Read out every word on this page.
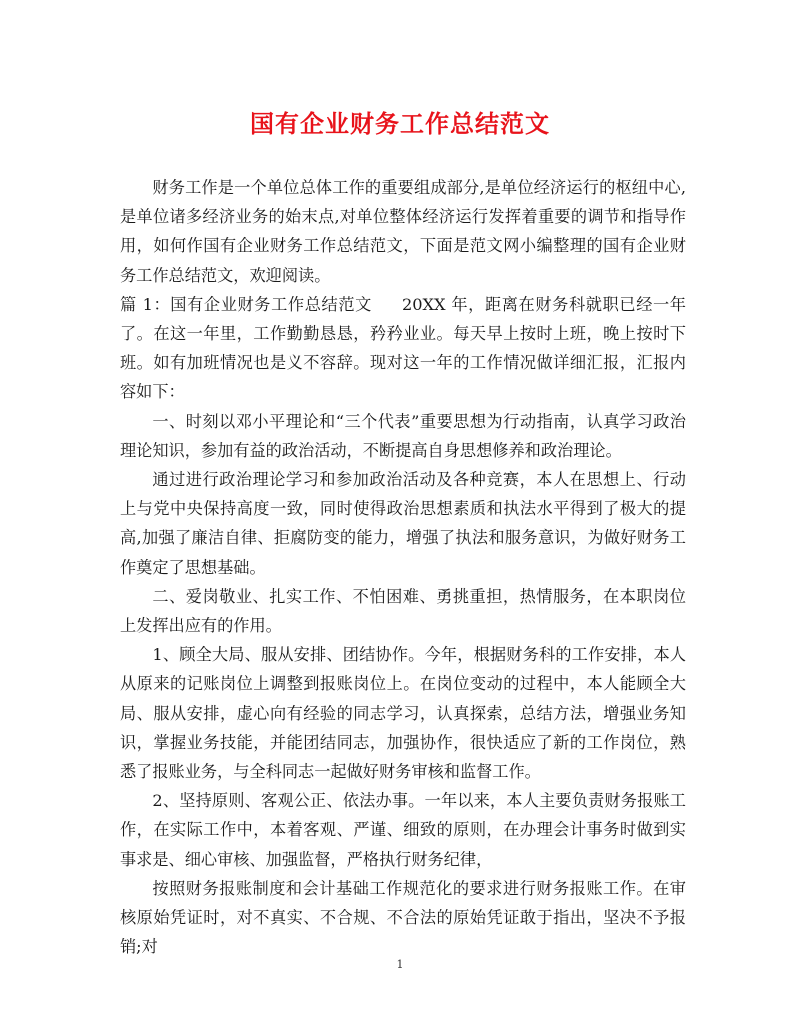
国有企业财务工作总结范文

财务工作是一个单位总体工作的重要组成部分,是单位经济运行的枢纽中心,是单位诸多经济业务的始末点,对单位整体经济运行发挥着重要的调节和指导作用，如何作国有企业财务工作总结范文，下面是范文网小编整理的国有企业财务工作总结范文，欢迎阅读。

篇 1：国有企业财务工作总结范文 20XX 年，距离在财务科就职已经一年了。在这一年里，工作勤勤恳恳，矜矜业业。每天早上按时上班，晚上按时下班。如有加班情况也是义不容辞。现对这一年的工作情况做详细汇报，汇报内容如下：

一、时刻以邓小平理论和“三个代表”重要思想为行动指南，认真学习政治理论知识，参加有益的政治活动，不断提高自身思想修养和政治理论。

通过进行政治理论学习和参加政治活动及各种竞赛，本人在思想上、行动上与党中央保持高度一致，同时使得政治思想素质和执法水平得到了极大的提高,加强了廉洁自律、拒腐防变的能力，增强了执法和服务意识，为做好财务工作奠定了思想基础。

二、爱岗敬业、扎实工作、不怕困难、勇挑重担，热情服务，在本职岗位上发挥出应有的作用。

1、顾全大局、服从安排、团结协作。今年，根据财务科的工作安排，本人从原来的记账岗位上调整到报账岗位上。在岗位变动的过程中，本人能顾全大局、服从安排，虚心向有经验的同志学习，认真探索，总结方法，增强业务知识，掌握业务技能，并能团结同志，加强协作，很快适应了新的工作岗位，熟悉了报账业务，与全科同志一起做好财务审核和监督工作。

2、坚持原则、客观公正、依法办事。一年以来，本人主要负责财务报账工作，在实际工作中，本着客观、严谨、细致的原则，在办理会计事务时做到实事求是、细心审核、加强监督，严格执行财务纪律，

按照财务报账制度和会计基础工作规范化的要求进行财务报账工作。在审核原始凭证时，对不真实、不合规、不合法的原始凭证敢于指出，坚决不予报销;对

1
